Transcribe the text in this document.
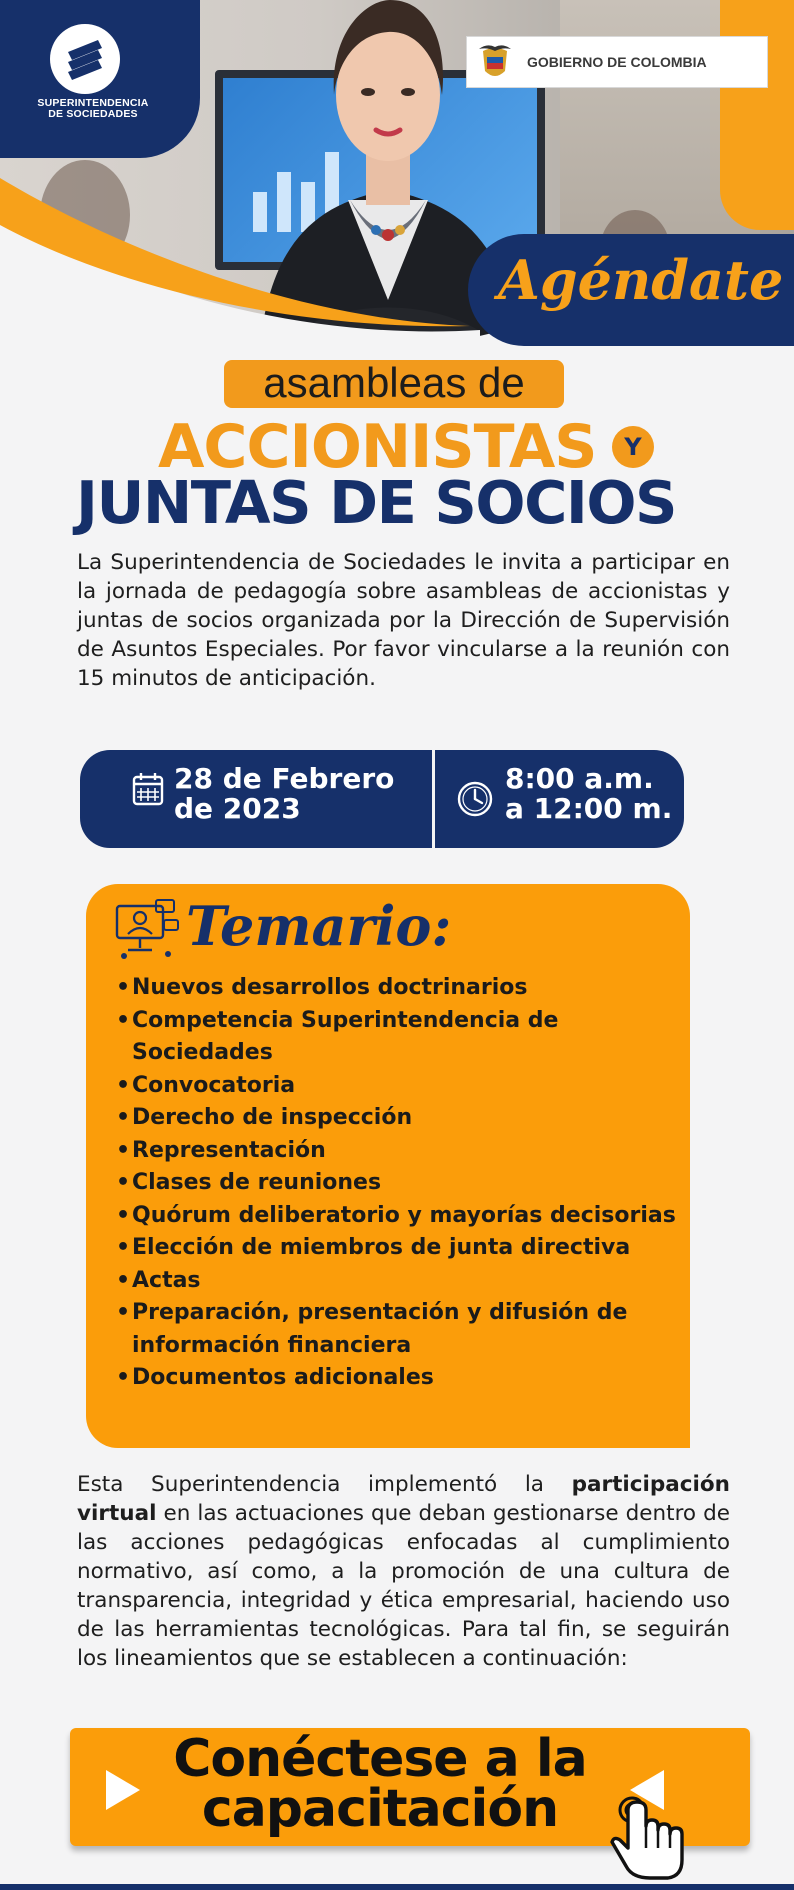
SUPERINTENDENCIA
DE SOCIEDADES
GOBIERNO DE COLOMBIA
Agéndate
asambleas de
ACCIONISTAS	Y
JUNTAS DE SOCIOS

La Superintendencia de Sociedades le invita a participar en la jornada de pedagogía sobre asambleas de accionistas y juntas de socios organizada por la Dirección de Supervisión de Asuntos Especiales. Por favor vincularse a la reunión con 15 minutos de anticipación.

28 de Febrero
de 2023
8:00 a.m.
a 12:00 m.
Temario:
• Nuevos desarrollos doctrinarios
• Competencia Superintendencia de Sociedades
• Convocatoria
• Derecho de inspección
• Representación
• Clases de reuniones
• Quórum deliberatorio y mayorías decisorias
• Elección de miembros de junta directiva
• Actas
• Preparación, presentación y difusión de información financiera
• Documentos adicionales

Esta Superintendencia implementó la participación virtual en las actuaciones que deban gestionarse dentro de las acciones pedagógicas enfocadas al cumplimiento normativo, así como, a la promoción de una cultura de transparencia, integridad y ética empresarial, haciendo uso de las herramientas tecnológicas. Para tal fin, se seguirán los lineamientos que se establecen a continuación:

Conéctese a la
capacitación
